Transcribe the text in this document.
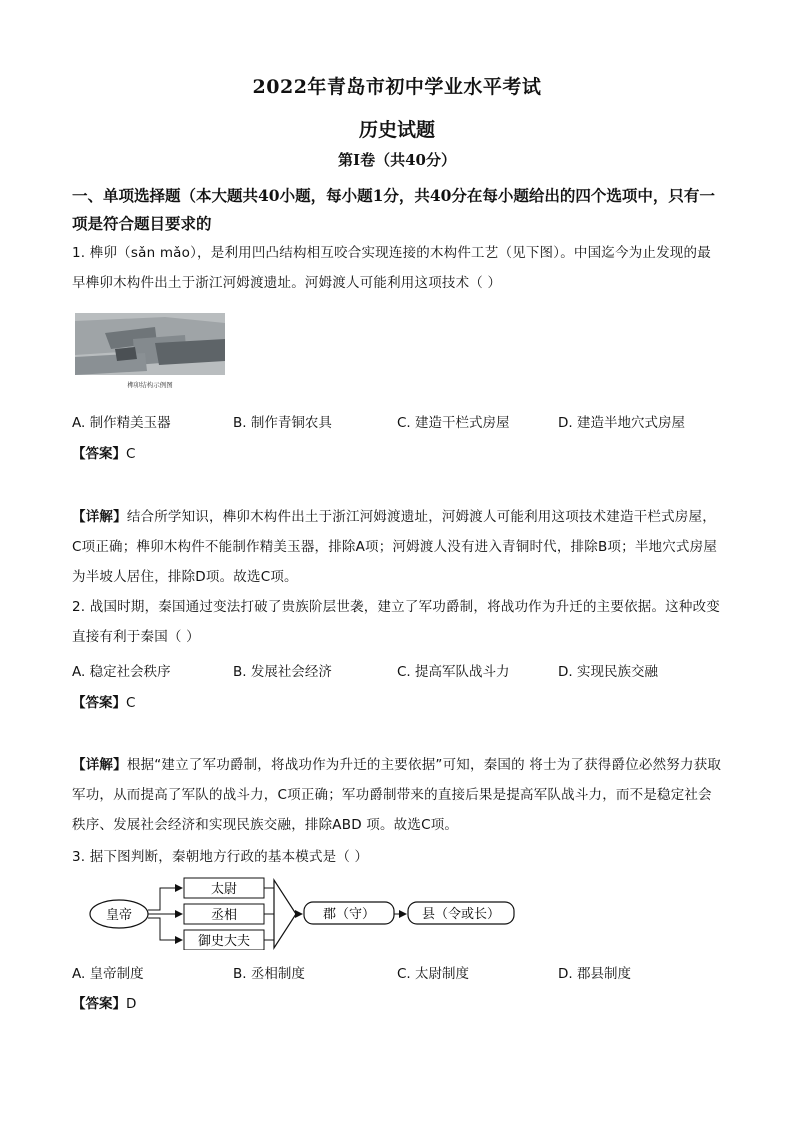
2022年青岛市初中学业水平考试
历史试题
第Ⅰ卷（共40分）
一、单项选择题（本大题共40小题，每小题1分，共40分在每小题给出的四个选项中，只有一项是符合题目要求的
1. 榫卯（sǎn mǎo），是利用凹凸结构相互咬合实现连接的木构件工艺（见下图）。中国迄今为止发现的最早榫卯木构件出土于浙江河姆渡遗址。河姆渡人可能利用这项技术（ ）
榫卯结构示例图
A. 制作精美玉器	B. 制作青铜农具	C. 建造干栏式房屋	D. 建造半地穴式房屋
【答案】C
【详解】结合所学知识，榫卯木构件出土于浙江河姆渡遗址，河姆渡人可能利用这项技术建造干栏式房屋，C项正确；榫卯木构件不能制作精美玉器，排除A项；河姆渡人没有进入青铜时代，排除B项；半地穴式房屋为半坡人居住，排除D项。故选C项。
2. 战国时期，秦国通过变法打破了贵族阶层世袭，建立了军功爵制，将战功作为升迁的主要依据。这种改变直接有利于秦国（ ）
A. 稳定社会秩序	B. 发展社会经济	C. 提高军队战斗力	D. 实现民族交融
【答案】C
【详解】根据“建立了军功爵制，将战功作为升迁的主要依据”可知，秦国的 将士为了获得爵位必然努力获取军功，从而提高了军队的战斗力，C项正确；军功爵制带来的直接后果是提高军队战斗力，而不是稳定社会秩序、发展社会经济和实现民族交融，排除ABD 项。故选C项。
3. 据下图判断，秦朝地方行政的基本模式是（ ）
皇帝
太尉
丞相
御史大夫
郡（守）	县（令或长）
A. 皇帝制度	B. 丞相制度	C. 太尉制度	D. 郡县制度
【答案】D
